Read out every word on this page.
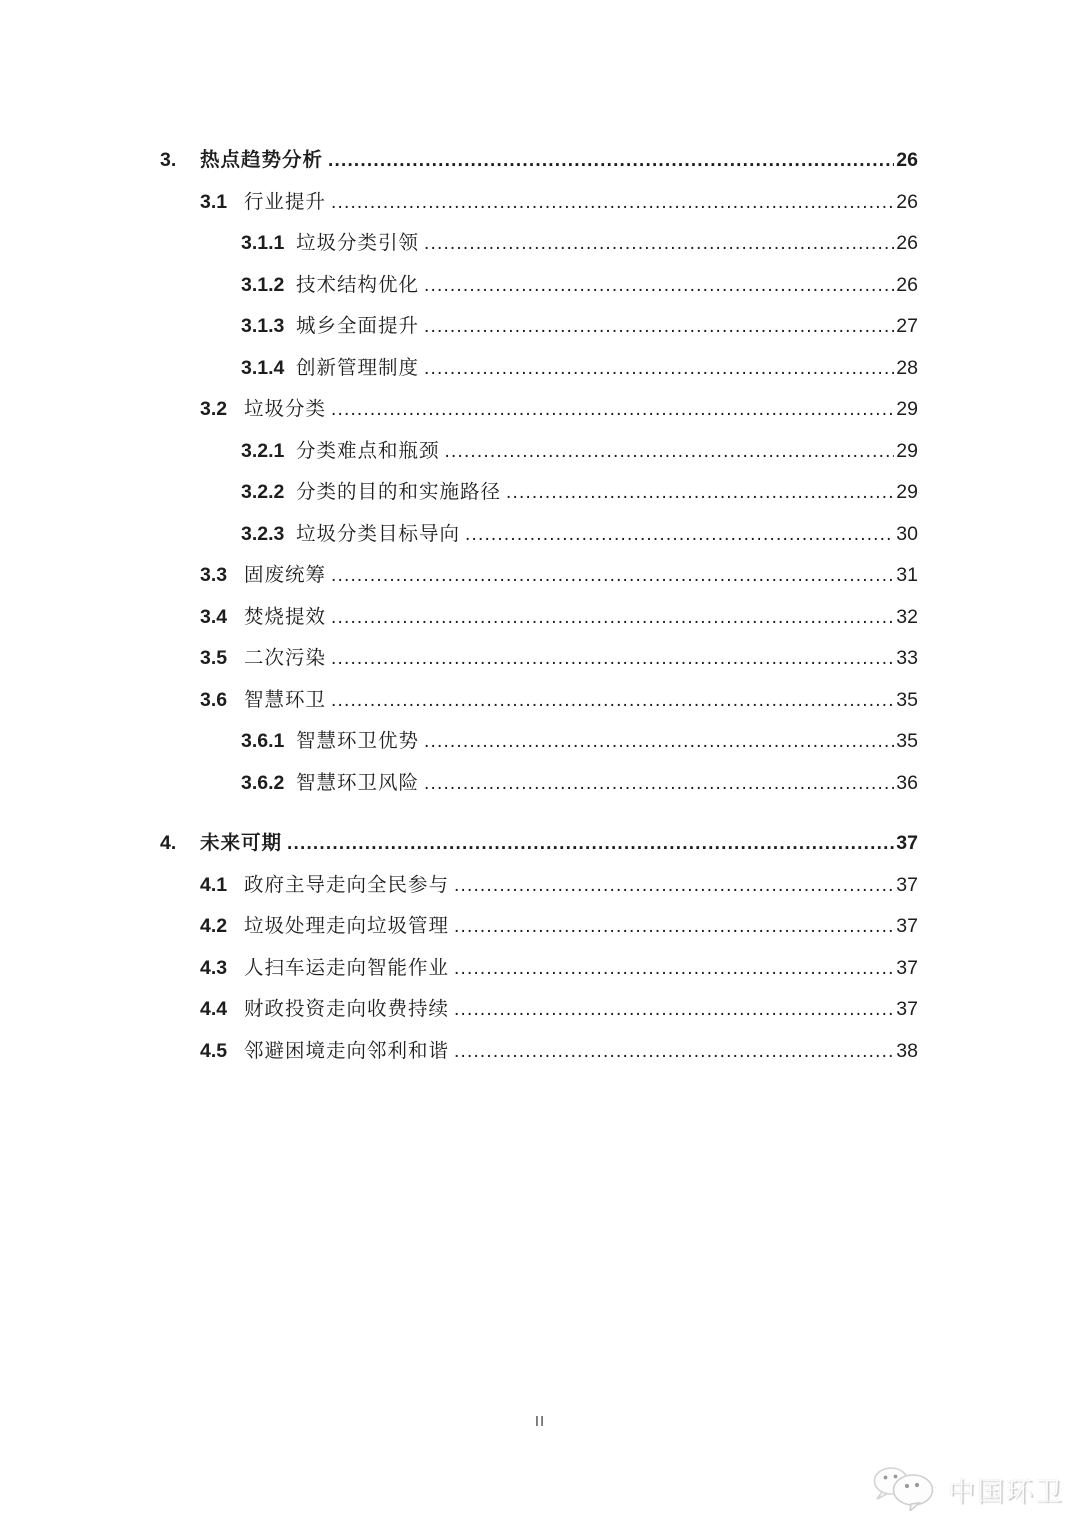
3.	热点趋势分析 .....	26
3.1 行业提升 .....	26
3.1.1 垃圾分类引领 .....	26
3.1.2 技术结构优化 .....	26
3.1.3 城乡全面提升 .....	27
3.1.4 创新管理制度 .....	28
3.2 垃圾分类 .....	29
3.2.1 分类难点和瓶颈 .....	29
3.2.2 分类的目的和实施路径 .....	29
3.2.3 垃圾分类目标导向 .....	30
3.3 固废统筹 .....	31
3.4 焚烧提效 .....	32
3.5 二次污染 .....	33
3.6 智慧环卫 .....	35
3.6.1 智慧环卫优势 .....	35
3.6.2 智慧环卫风险 .....	36
4.	未来可期 .....	37
4.1 政府主导走向全民参与 .....	37
4.2 垃圾处理走向垃圾管理 .....	37
4.3 人扫车运走向智能作业 .....	37
4.4 财政投资走向收费持续 .....	37
4.5 邻避困境走向邻利和谐 .....	38
II
中国环卫
